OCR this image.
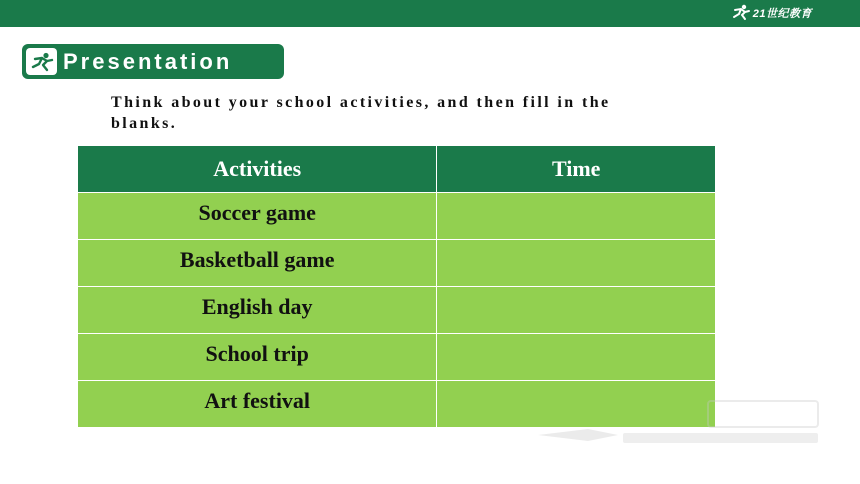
21世纪教育
Presentation
Think about your school activities, and then fill in the blanks.
Activities	Time
Soccer game	
Basketball game	
English day	
School trip	
Art festival	
